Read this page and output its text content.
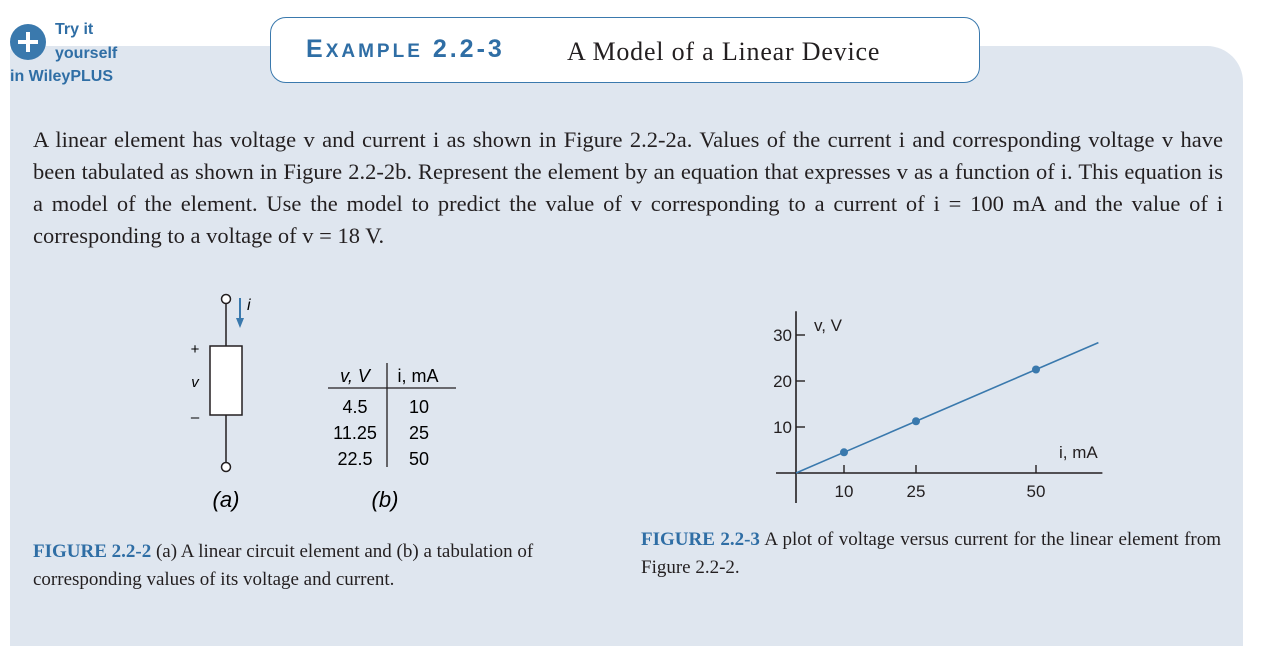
Try it
yourself
in WileyPLUS
EXAMPLE 2.2-3 A Model of a Linear Device
A linear element has voltage v and current i as shown in Figure 2.2-2a. Values of the current i and corresponding voltage v have been tabulated as shown in Figure 2.2-2b. Represent the element by an equation that expresses v as a function of i. This equation is a model of the element. Use the model to predict the value of v corresponding to a current of i = 100 mA and the value of i corresponding to a voltage of v = 18 V.
i
+
v
–
(a)
v, V i, mA
4.5 10
11.25 25
22.5 50
(b)
10
20
30
10	25	50
v, V
i, mA
FIGURE 2.2-2 (a) A linear circuit element and (b) a tabulation of corresponding values of its voltage and current.
FIGURE 2.2-3 A plot of voltage versus current for the linear element from Figure 2.2-2.
